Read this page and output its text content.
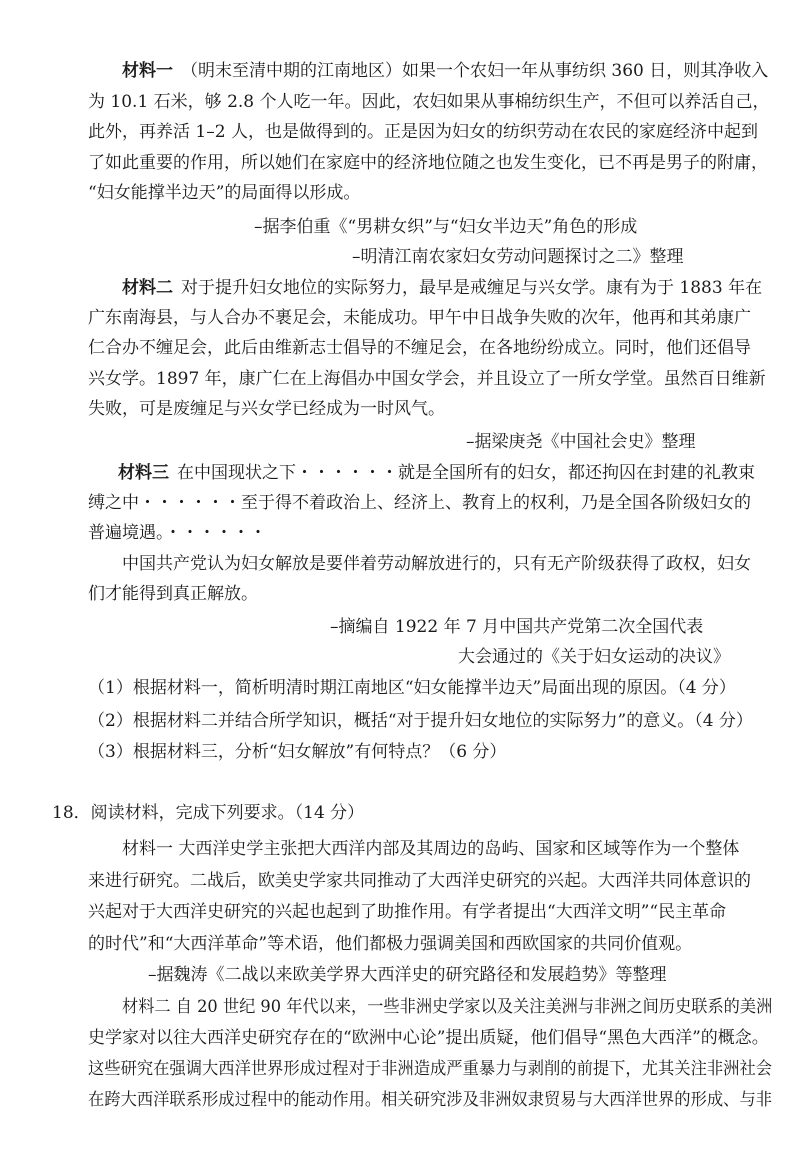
材料一 （明末至清中期的江南地区）如果一个农妇一年从事纺织 360 日，则其净收入
为 10.1 石米，够 2.8 个人吃一年。因此，农妇如果从事棉纺织生产，不但可以养活自己，
此外，再养活 1–2 人，也是做得到的。正是因为妇女的纺织劳动在农民的家庭经济中起到
了如此重要的作用，所以她们在家庭中的经济地位随之也发生变化，已不再是男子的附庸，
“妇女能撑半边天”的局面得以形成。
–据李伯重《“男耕女织”与“妇女半边天”角色的形成
–明清江南农家妇女劳动问题探讨之二》整理
材料二 对于提升妇女地位的实际努力，最早是戒缠足与兴女学。康有为于 1883 年在
广东南海县，与人合办不裹足会，未能成功。甲午中日战争失败的次年，他再和其弟康广
仁合办不缠足会，此后由维新志士倡导的不缠足会，在各地纷纷成立。同时，他们还倡导
兴女学。1897 年，康广仁在上海倡办中国女学会，并且设立了一所女学堂。虽然百日维新
失败，可是废缠足与兴女学已经成为一时风气。
–据梁庚尧《中国社会史》整理
材料三 在中国现状之下・・・・・・就是全国所有的妇女，都还拘囚在封建的礼教束
缚之中・・・・・・至于得不着政治上、经济上、教育上的权利，乃是全国各阶级妇女的
普遍境遇。・・・・・・
中国共产党认为妇女解放是要伴着劳动解放进行的，只有无产阶级获得了政权，妇女
们才能得到真正解放。
–摘编自 1922 年 7 月中国共产党第二次全国代表
大会通过的《关于妇女运动的决议》
（1）根据材料一，简析明清时期江南地区“妇女能撑半边天”局面出现的原因。（4 分）
（2）根据材料二并结合所学知识，概括“对于提升妇女地位的实际努力”的意义。（4 分）
（3）根据材料三，分析“妇女解放”有何特点？（6 分）
18．阅读材料，完成下列要求。（14 分）
材料一 大西洋史学主张把大西洋内部及其周边的岛屿、国家和区域等作为一个整体
来进行研究。二战后，欧美史学家共同推动了大西洋史研究的兴起。大西洋共同体意识的
兴起对于大西洋史研究的兴起也起到了助推作用。有学者提出“大西洋文明”“民主革命
的时代”和“大西洋革命”等术语，他们都极力强调美国和西欧国家的共同价值观。
–据魏涛《二战以来欧美学界大西洋史的研究路径和发展趋势》等整理
材料二 自 20 世纪 90 年代以来，一些非洲史学家以及关注美洲与非洲之间历史联系的美洲
史学家对以往大西洋史研究存在的“欧洲中心论”提出质疑，他们倡导“黑色大西洋”的概念。
这些研究在强调大西洋世界形成过程对于非洲造成严重暴力与剥削的前提下，尤其关注非洲社会
在跨大西洋联系形成过程中的能动作用。相关研究涉及非洲奴隶贸易与大西洋世界的形成、与非
